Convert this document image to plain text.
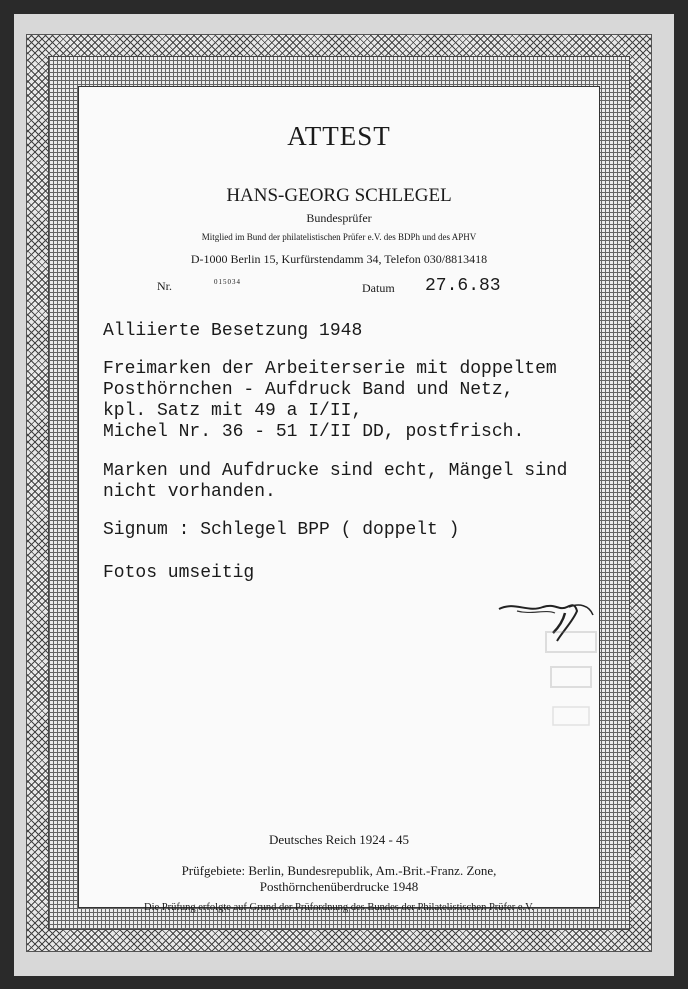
ATTEST
HANS-GEORG SCHLEGEL
Bundesprüfer
Mitglied im Bund der philatelistischen Prüfer e.V. des BDPh und des APHV
D-1000 Berlin 15, Kurfürstendamm 34, Telefon 030/8813418
Nr.	015034	Datum 27.6.83
Alliierte Besetzung 1948
Freimarken der Arbeiterserie mit doppeltem
Posthörnchen - Aufdruck Band und Netz,
kpl. Satz mit 49 a I/II,
Michel Nr. 36 - 51 I/II DD, postfrisch.
Marken und Aufdrucke sind echt, Mängel sind
nicht vorhanden.
Signum : Schlegel BPP ( doppelt )
Fotos umseitig
Deutsches Reich 1924 - 45
Prüfgebiete: Berlin, Bundesrepublik, Am.-Brit.-Franz. Zone,
Posthörnchenüberdrucke 1948
Die Prüfung erfolgte auf Grund der Prüfordnung des Bundes der Philatelistischen Prüfer e.V.
